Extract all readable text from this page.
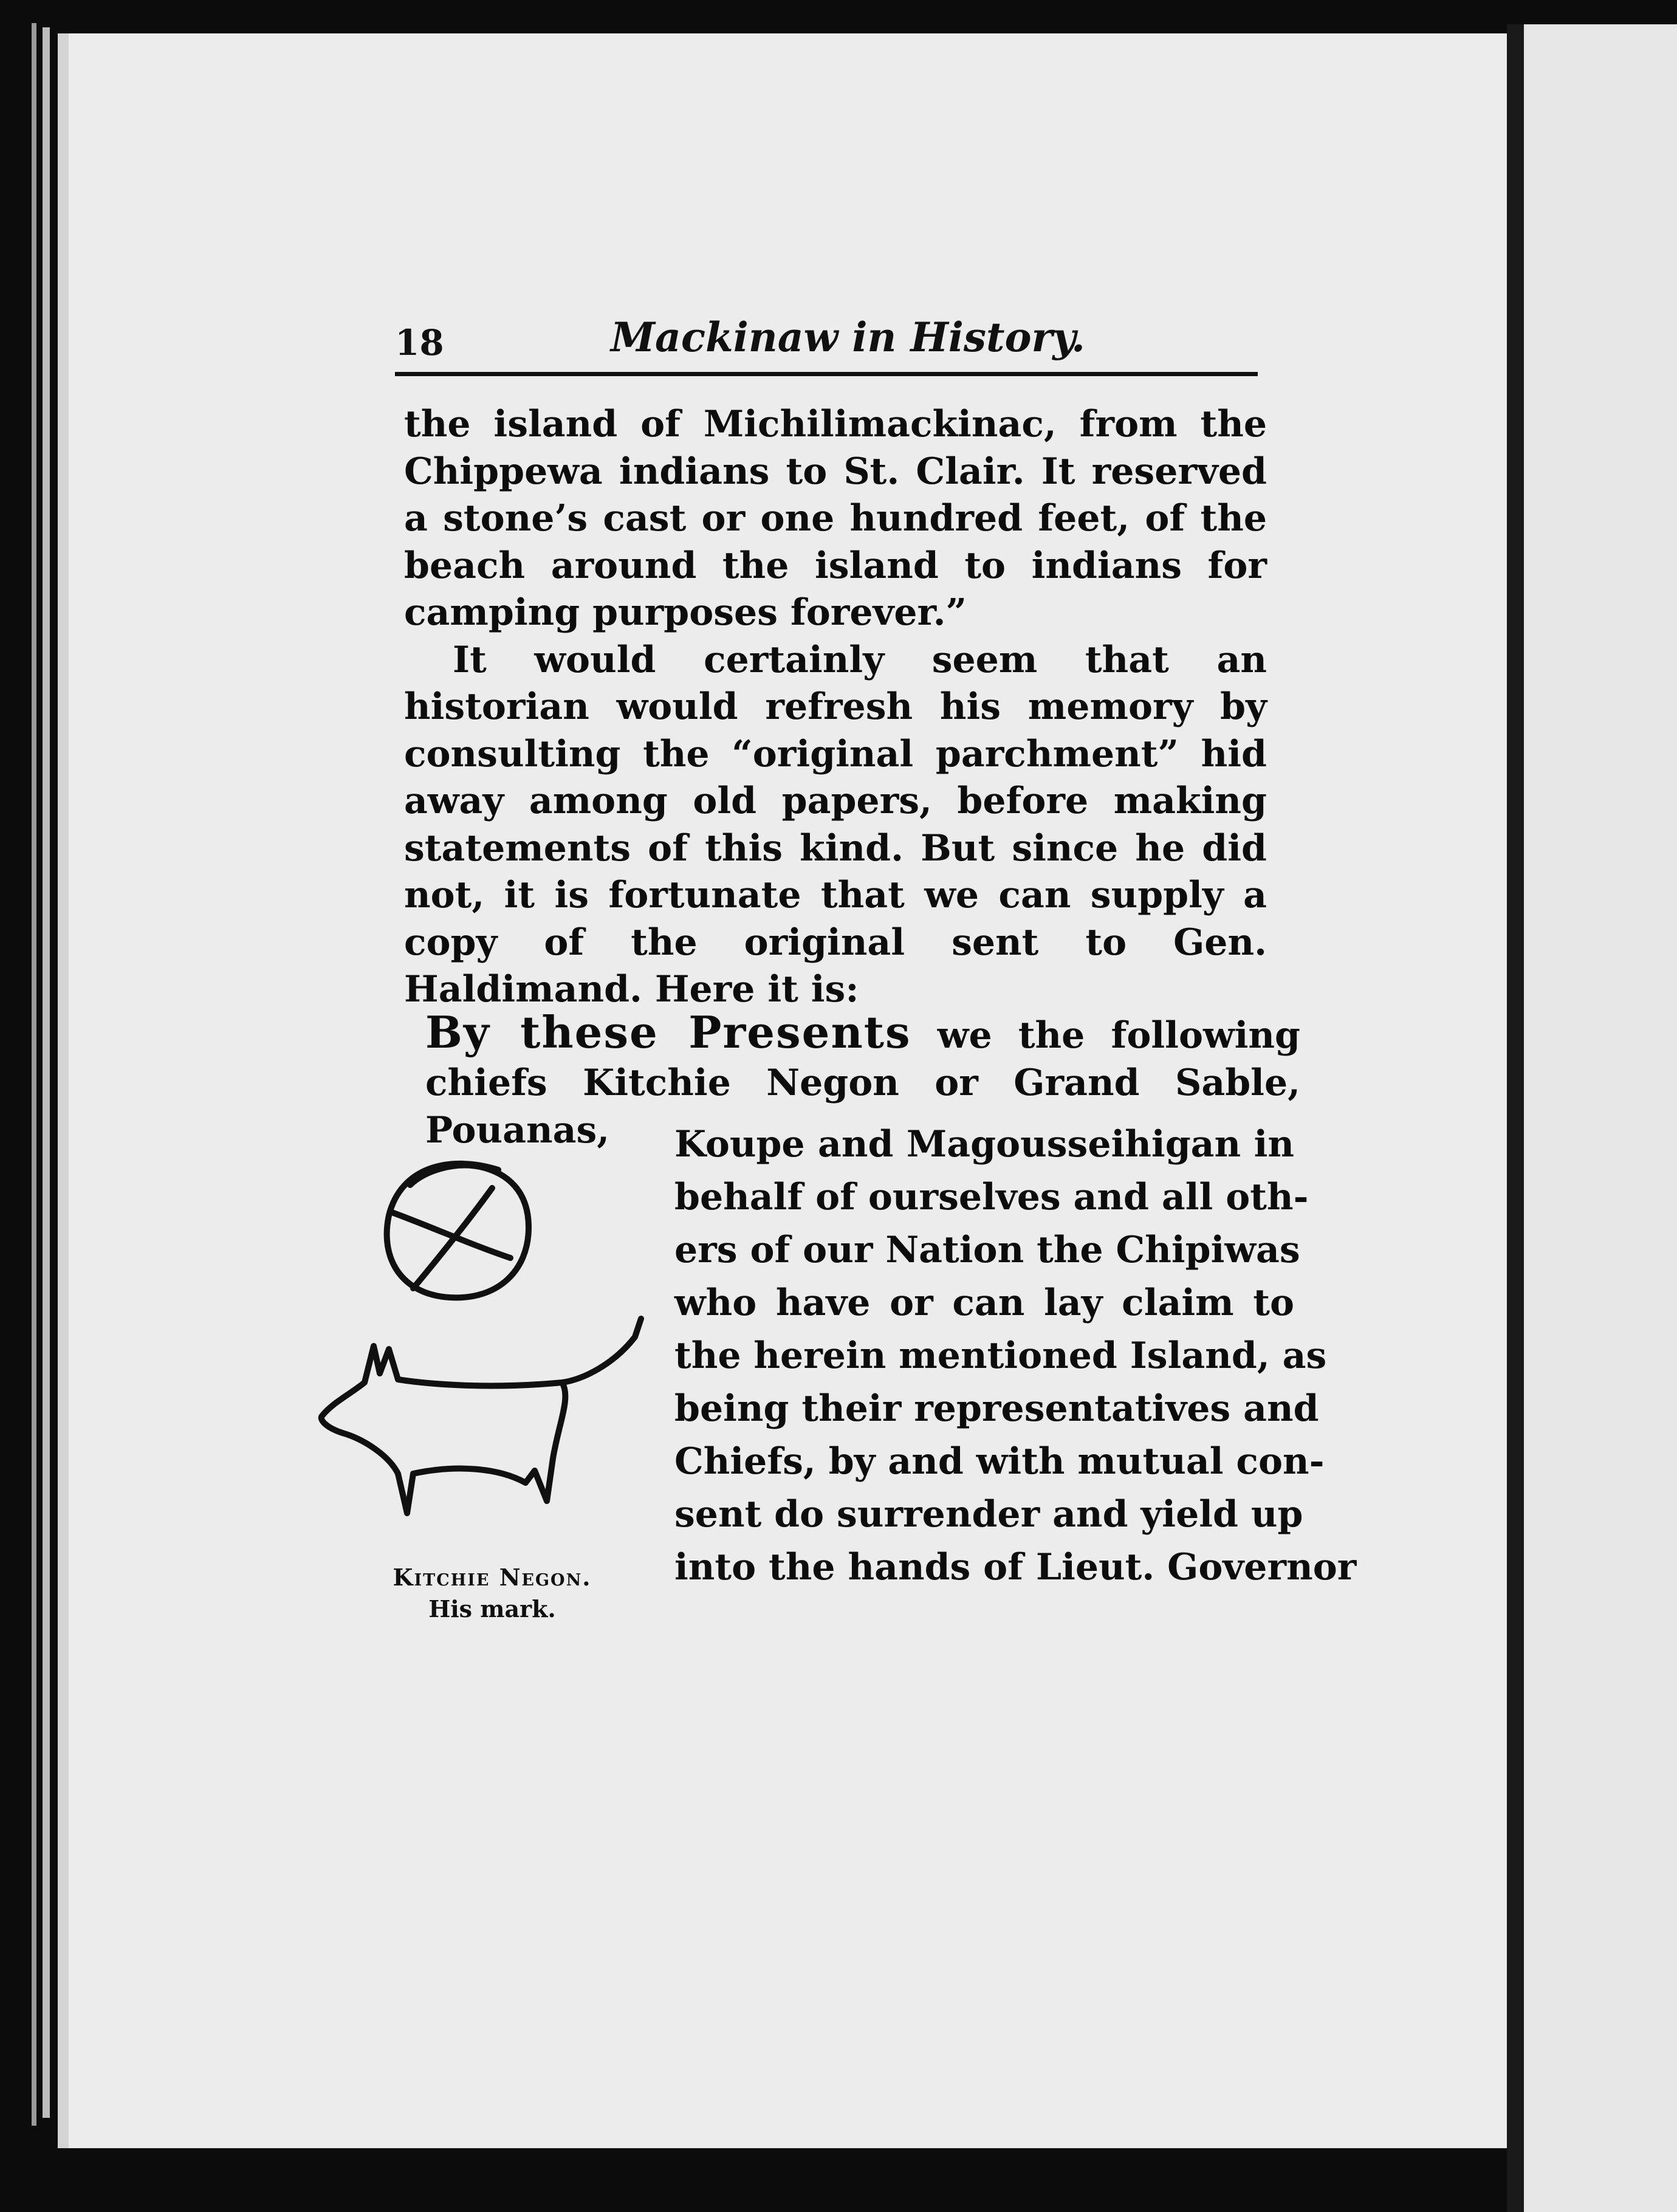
18	Mackinaw in History.

the island of Michilimackinac, from the Chippewa indians to St. Clair. It reserved a stone’s cast or one hundred feet, of the beach around the island to indians for camping purposes forever.”

It would certainly seem that an historian would refresh his memory by consulting the “original parchment” hid away among old papers, before making statements of this kind. But since he did not, it is fortunate that we can supply a copy of the original sent to Gen. Haldimand. Here it is:

By these Presents we the following chiefs Kitchie Negon or Grand Sable, Pouanas,	Koupe and Magousseihigan in
behalf of ourselves and all oth-
ers of our Nation the Chipiwas
who have or can lay claim to
the herein mentioned Island, as
being their representatives and
Chiefs, by and with mutual con-
sent do surrender and yield up
into the hands of Lieut. Governor
Kitchie Negon.
His mark.
